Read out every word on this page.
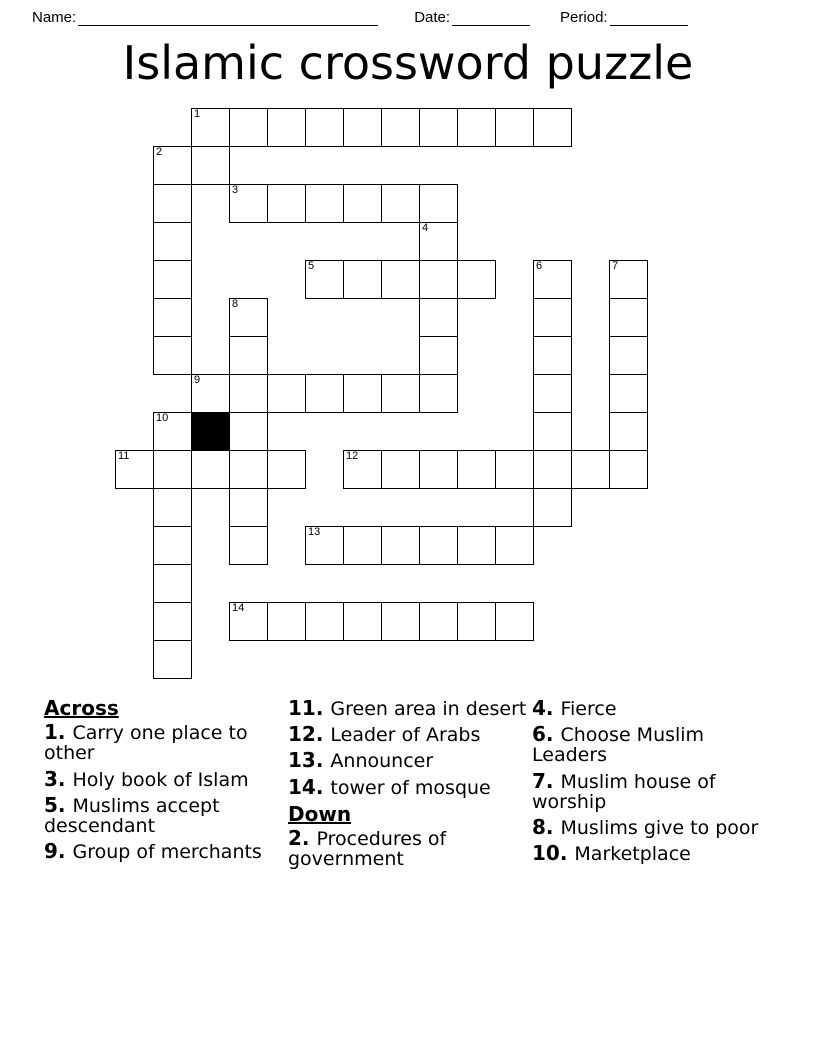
Name:	Date:	Period:
Islamic crossword puzzle
1
2
3
4
5	6	7
8
9
10
11	12
13
14
Across
1. Carry one place to other
3. Holy book of Islam
5. Muslims accept descendant
9. Group of merchants
11. Green area in desert
12. Leader of Arabs
13. Announcer
14. tower of mosque
Down
2. Procedures of government
4. Fierce
6. Choose Muslim Leaders
7. Muslim house of worship
8. Muslims give to poor
10. Marketplace
